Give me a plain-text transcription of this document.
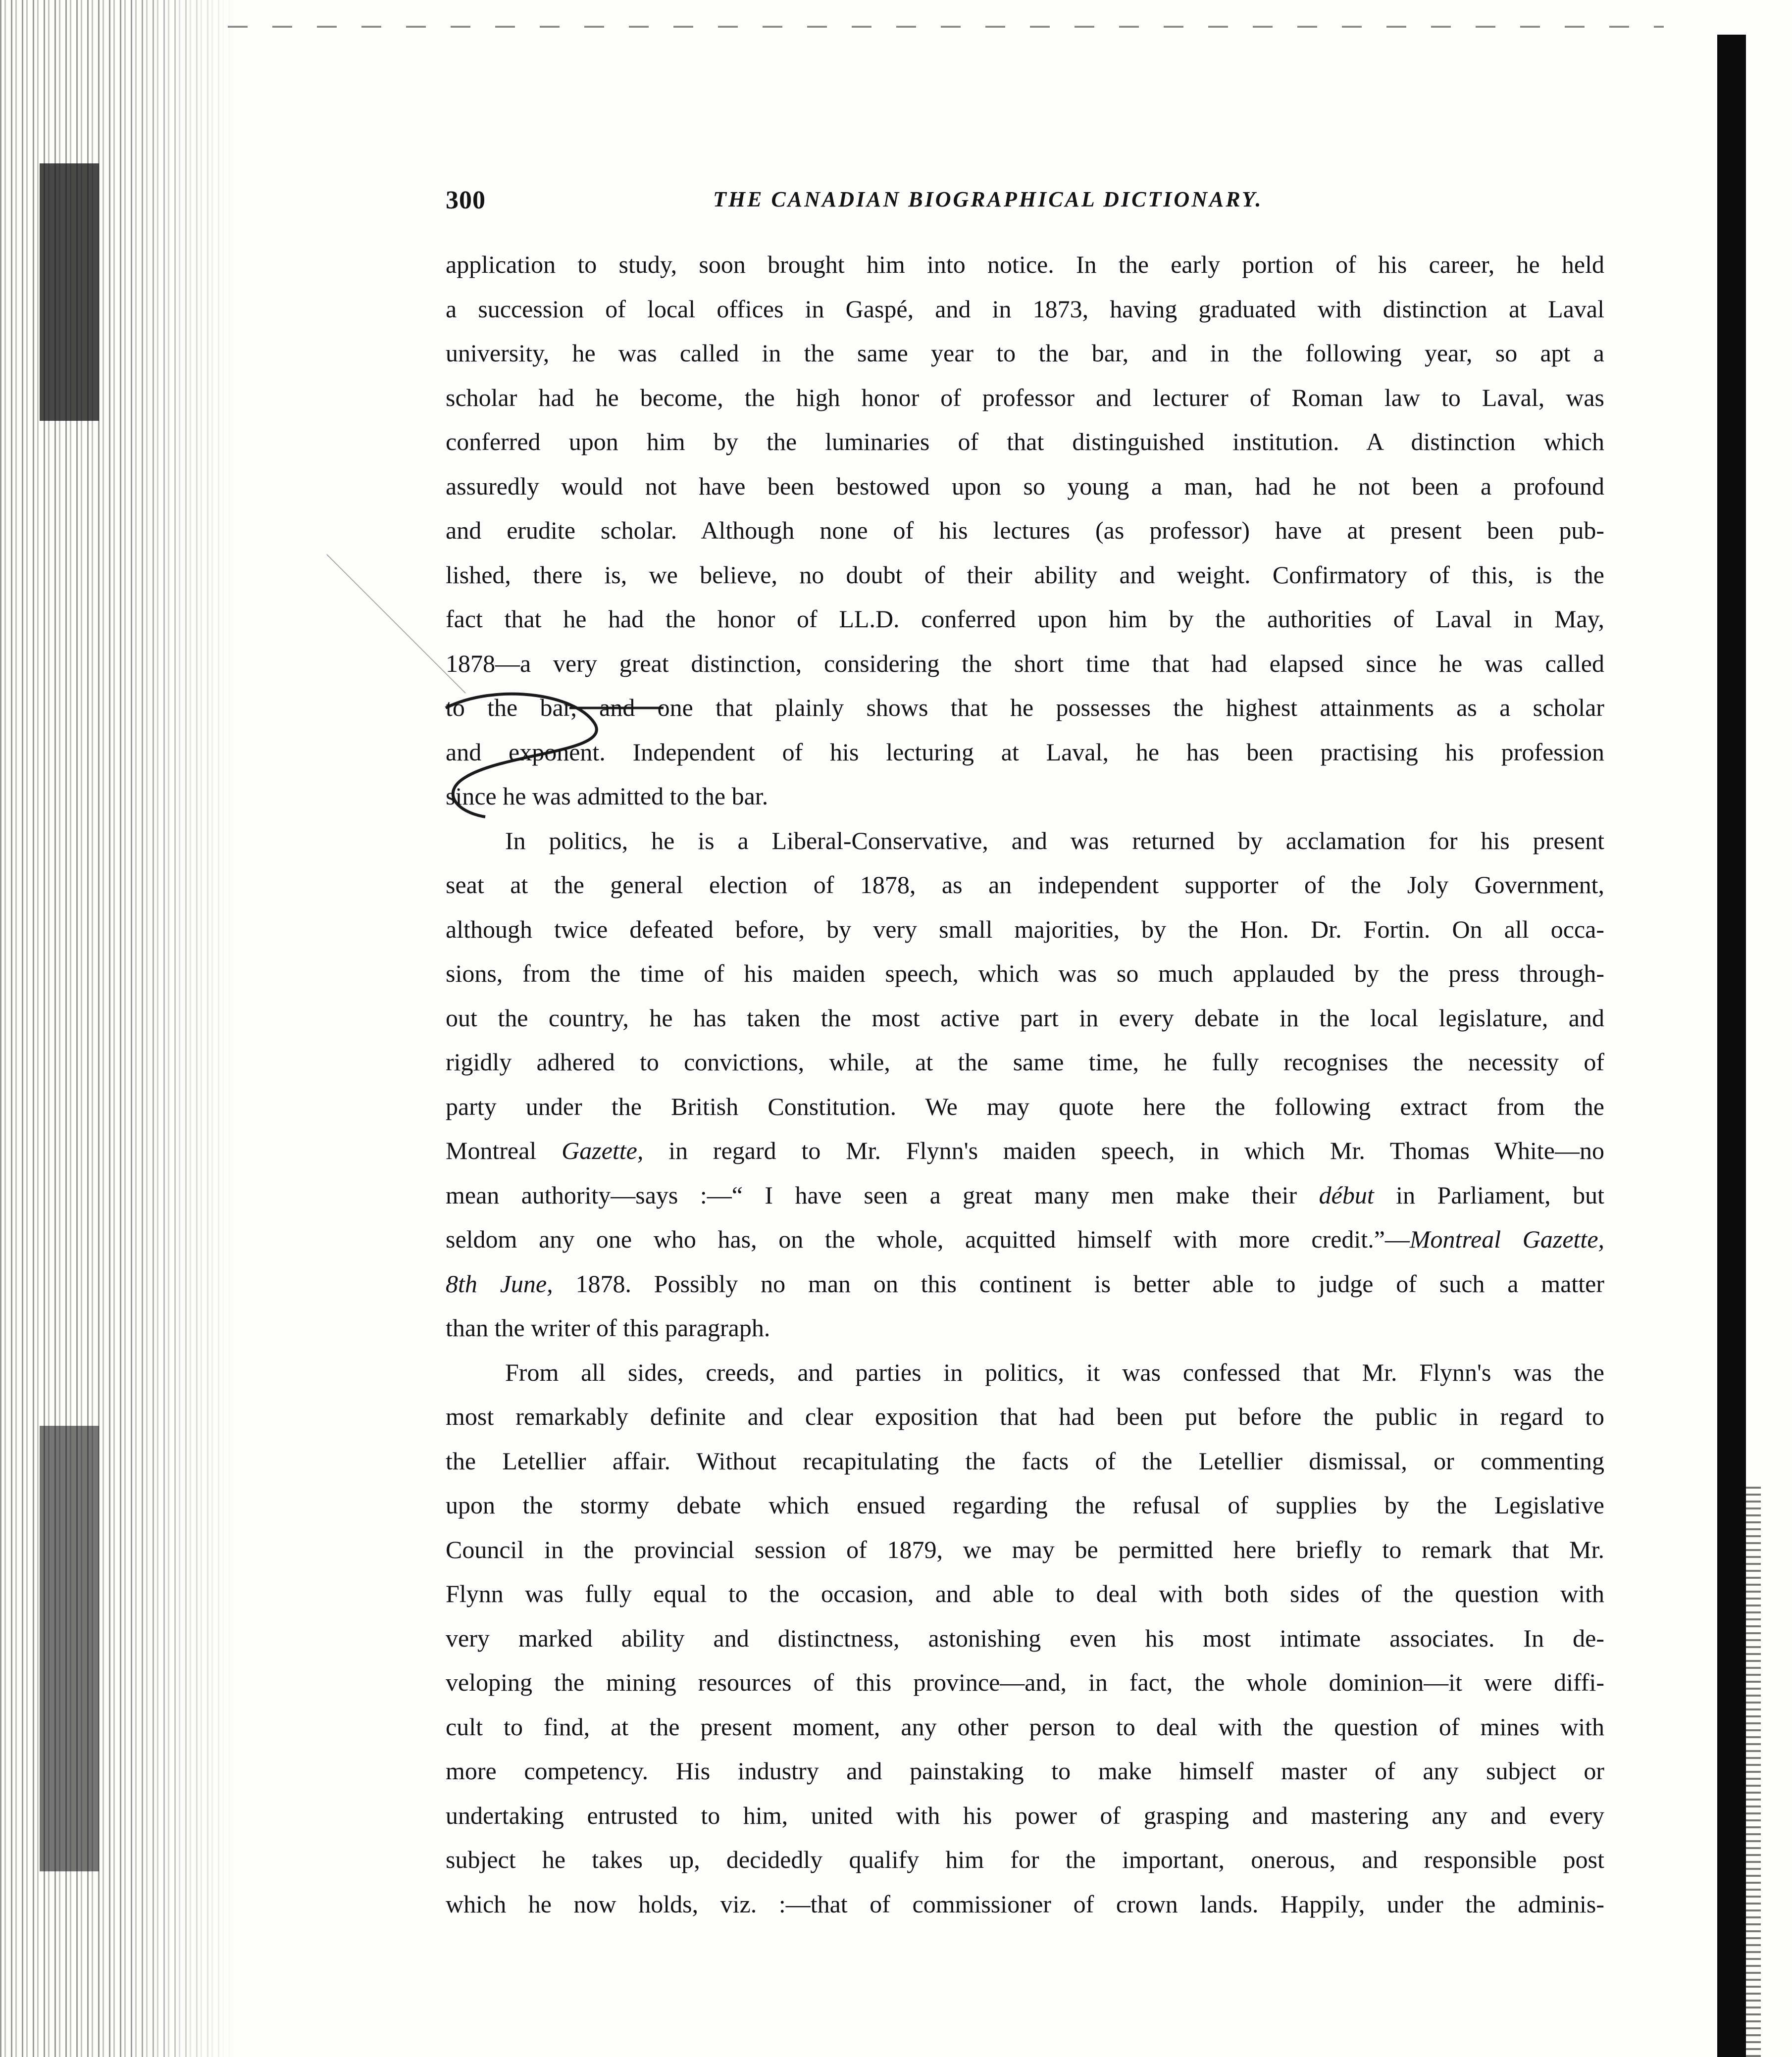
300	THE CANADIAN BIOGRAPHICAL DICTIONARY.
application to study, soon brought him into notice. In the early portion of his career, he held
a succession of local offices in Gaspé, and in 1873, having graduated with distinction at Laval
university, he was called in the same year to the bar, and in the following year, so apt a
scholar had he become, the high honor of professor and lecturer of Roman law to Laval, was
conferred upon him by the luminaries of that distinguished institution. A distinction which
assuredly would not have been bestowed upon so young a man, had he not been a profound
and erudite scholar. Although none of his lectures (as professor) have at present been pub-
lished, there is, we believe, no doubt of their ability and weight. Confirmatory of this, is the
fact that he had the honor of LL.D. conferred upon him by the authorities of Laval in May,
1878—a very great distinction, considering the short time that had elapsed since he was called
to the bar, and one that plainly shows that he possesses the highest attainments as a scholar
and exponent. Independent of his lecturing at Laval, he has been practising his profession
since he was admitted to the bar.
In politics, he is a Liberal-Conservative, and was returned by acclamation for his present
seat at the general election of 1878, as an independent supporter of the Joly Government,
although twice defeated before, by very small majorities, by the Hon. Dr. Fortin. On all occa-
sions, from the time of his maiden speech, which was so much applauded by the press through-
out the country, he has taken the most active part in every debate in the local legislature, and
rigidly adhered to convictions, while, at the same time, he fully recognises the necessity of
party under the British Constitution. We may quote here the following extract from the
Montreal Gazette, in regard to Mr. Flynn's maiden speech, in which Mr. Thomas White—no
mean authority—says :—“ I have seen a great many men make their début in Parliament, but
seldom any one who has, on the whole, acquitted himself with more credit.”—Montreal Gazette,
8th June, 1878. Possibly no man on this continent is better able to judge of such a matter
than the writer of this paragraph.
From all sides, creeds, and parties in politics, it was confessed that Mr. Flynn's was the
most remarkably definite and clear exposition that had been put before the public in regard to
the Letellier affair. Without recapitulating the facts of the Letellier dismissal, or commenting
upon the stormy debate which ensued regarding the refusal of supplies by the Legislative
Council in the provincial session of 1879, we may be permitted here briefly to remark that Mr.
Flynn was fully equal to the occasion, and able to deal with both sides of the question with
very marked ability and distinctness, astonishing even his most intimate associates. In de-
veloping the mining resources of this province—and, in fact, the whole dominion—it were diffi-
cult to find, at the present moment, any other person to deal with the question of mines with
more competency. His industry and painstaking to make himself master of any subject or
undertaking entrusted to him, united with his power of grasping and mastering any and every
subject he takes up, decidedly qualify him for the important, onerous, and responsible post
which he now holds, viz. :—that of commissioner of crown lands. Happily, under the adminis-
